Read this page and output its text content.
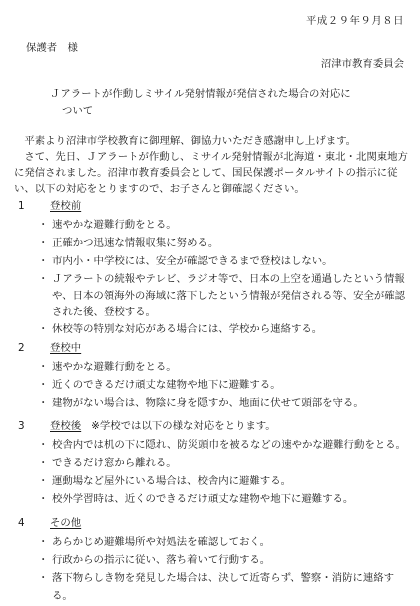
平成２９年９月８日
保護者　様
沼津市教育委員会
Ｊアラートが作動しミサイル発射情報が発信された場合の対応に
ついて

平素より沼津市学校教育に御理解、御協力いただき感謝申し上げます。

さて、先日、Ｊアラートが作動し、ミサイル発射情報が北海道・東北・北関東地方に発信されました。沼津市教育委員会として、国民保護ポータルサイトの指示に従い、以下の対応をとりますので、お子さんと御確認ください。

1	登校前
・ 速やかな避難行動をとる。
・ 正確かつ迅速な情報収集に努める。
・ 市内小・中学校には、安全が確認できるまで登校はしない。
・ Ｊアラートの続報やテレビ、ラジオ等で、日本の上空を通過したという情報や、日本の領海外の海域に落下したという情報が発信される等、安全が確認された後、登校する。
・ 休校等の特別な対応がある場合には、学校から連絡する。
2	登校中
・ 速やかな避難行動をとる。
・ 近くのできるだけ頑丈な建物や地下に避難する。
・ 建物がない場合は、物陰に身を隠すか、地面に伏せて頭部を守る。
3	登校後 ※学校では以下の様な対応をとります。
・ 校舎内では机の下に隠れ、防災頭巾を被るなどの速やかな避難行動をとる。
・ できるだけ窓から離れる。
・ 運動場など屋外にいる場合は、校舎内に避難する。
・ 校外学習時は、近くのできるだけ頑丈な建物や地下に避難する。
4	その他
・ あらかじめ避難場所や対処法を確認しておく。
・ 行政からの指示に従い、落ち着いて行動する。
・ 落下物らしき物を発見した場合は、決して近寄らず、警察・消防に連絡する。
